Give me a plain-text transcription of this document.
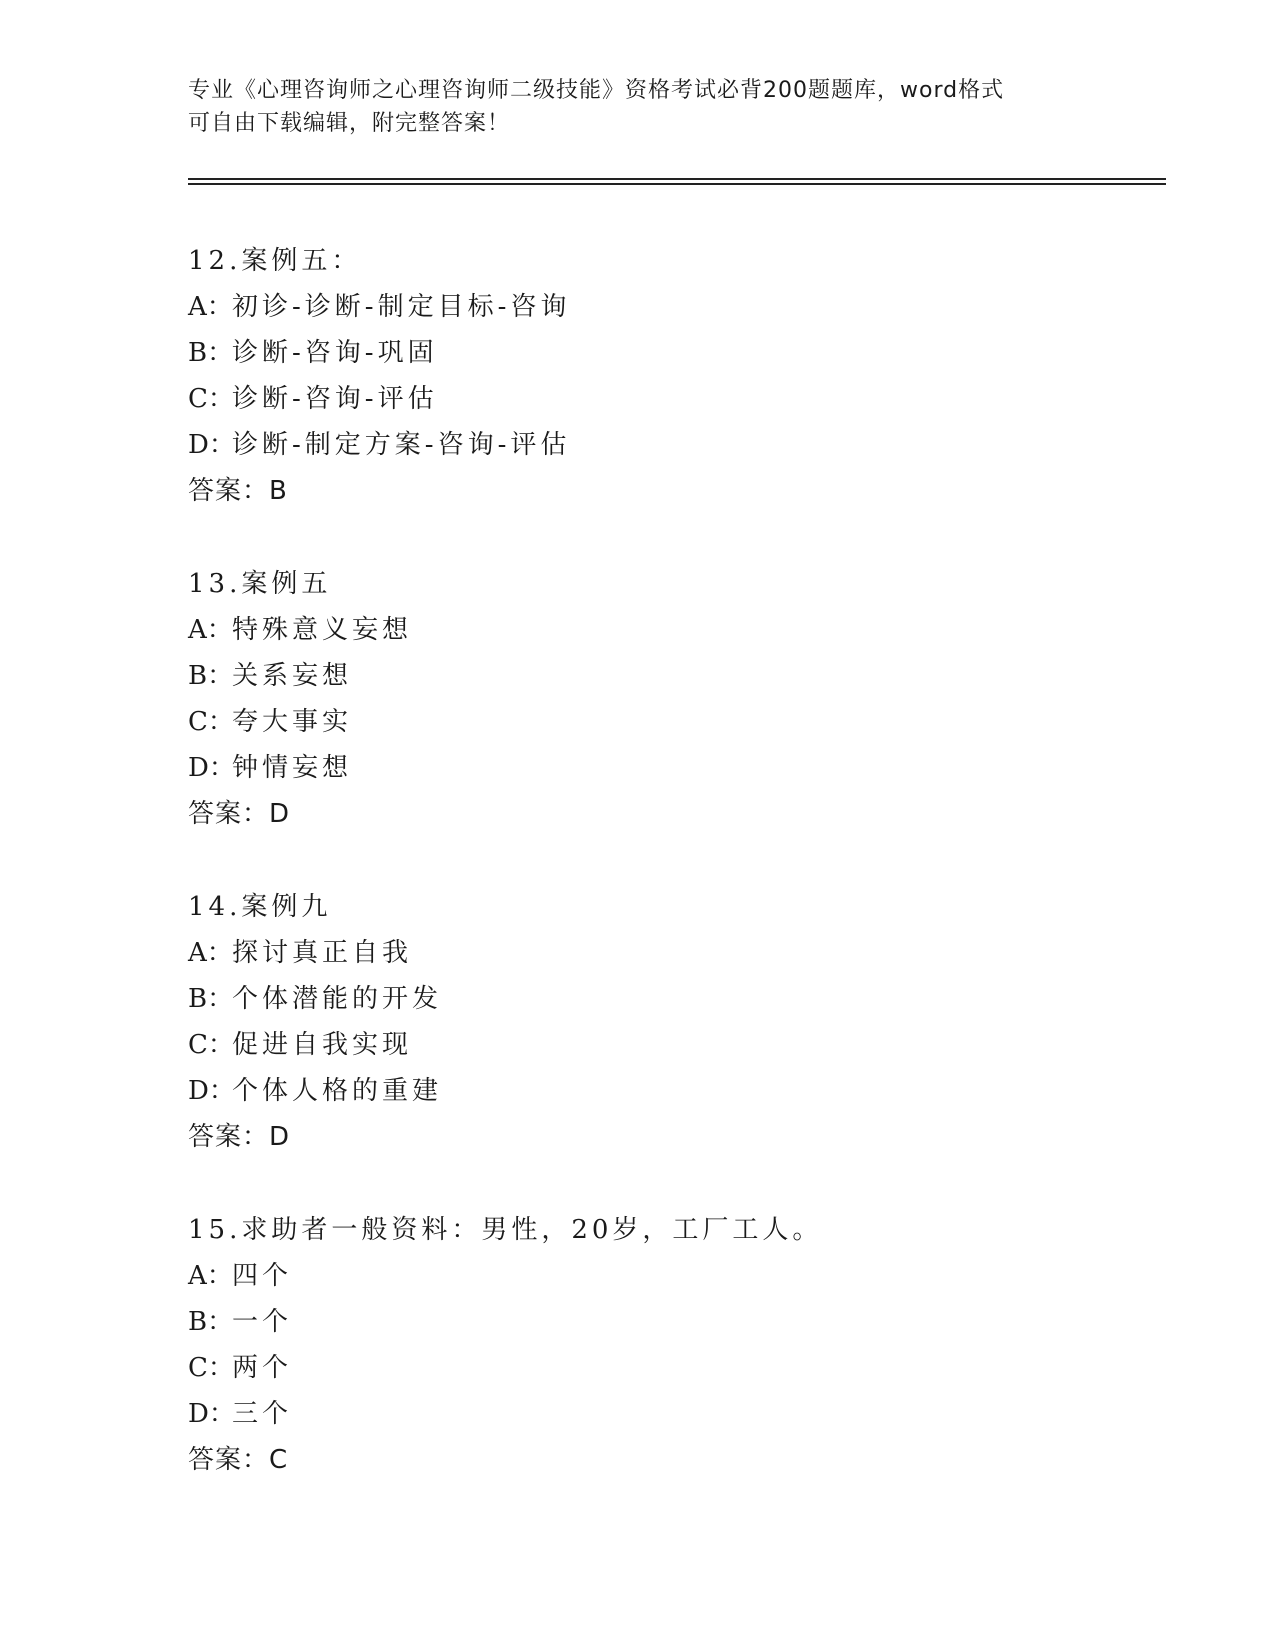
专业《心理咨询师之心理咨询师二级技能》资格考试必背200题题库，word格式
可自由下载编辑，附完整答案！
12.案例五：
A：初诊-诊断-制定目标-咨询
B：诊断-咨询-巩固
C：诊断-咨询-评估
D：诊断-制定方案-咨询-评估
答案：B
13.案例五
A：特殊意义妄想
B：关系妄想
C：夸大事实
D：钟情妄想
答案：D
14.案例九
A：探讨真正自我
B：个体潜能的开发
C：促进自我实现
D：个体人格的重建
答案：D
15.求助者一般资料：男性，20岁，工厂工人。
A：四个
B：一个
C：两个
D：三个
答案：C
